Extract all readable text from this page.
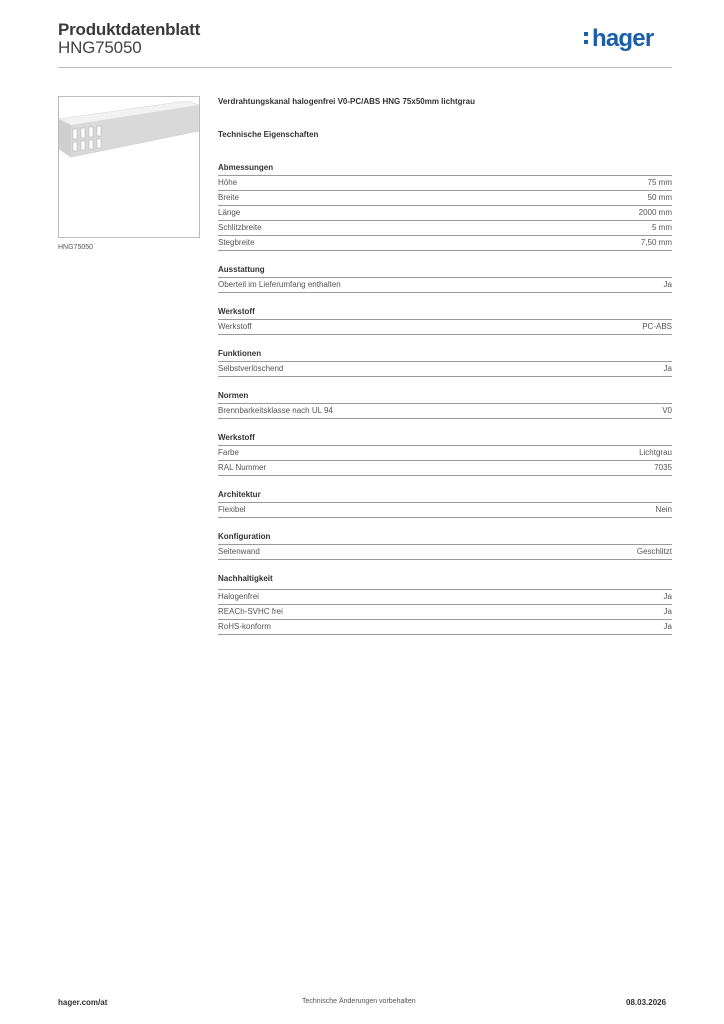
Produktdatenblatt
HNG75050	hager
HNG75050
Verdrahtungskanal halogenfrei V0-PC/ABS HNG 75x50mm lichtgrau
Technische Eigenschaften
Abmessungen
Höhe	75 mm
Breite	50 mm
Länge	2000 mm
Schlitzbreite	5 mm
Stegbreite	7,50 mm
Ausstattung
Oberteil im Lieferumfang enthalten	Ja
Werkstoff
Werkstoff	PC-ABS
Funktionen
Selbstverlöschend	Ja
Normen
Brennbarkeitsklasse nach UL 94	V0
Werkstoff
Farbe	Lichtgrau
RAL Nummer	7035
Architektur
Flexibel	Nein
Konfiguration
Seitenwand	Geschlitzt
Nachhaltigkeit
Halogenfrei	Ja
REACh-SVHC frei	Ja
RoHS-konform	Ja
hager.com/at	Technische Änderungen vorbehalten	08.03.2026
